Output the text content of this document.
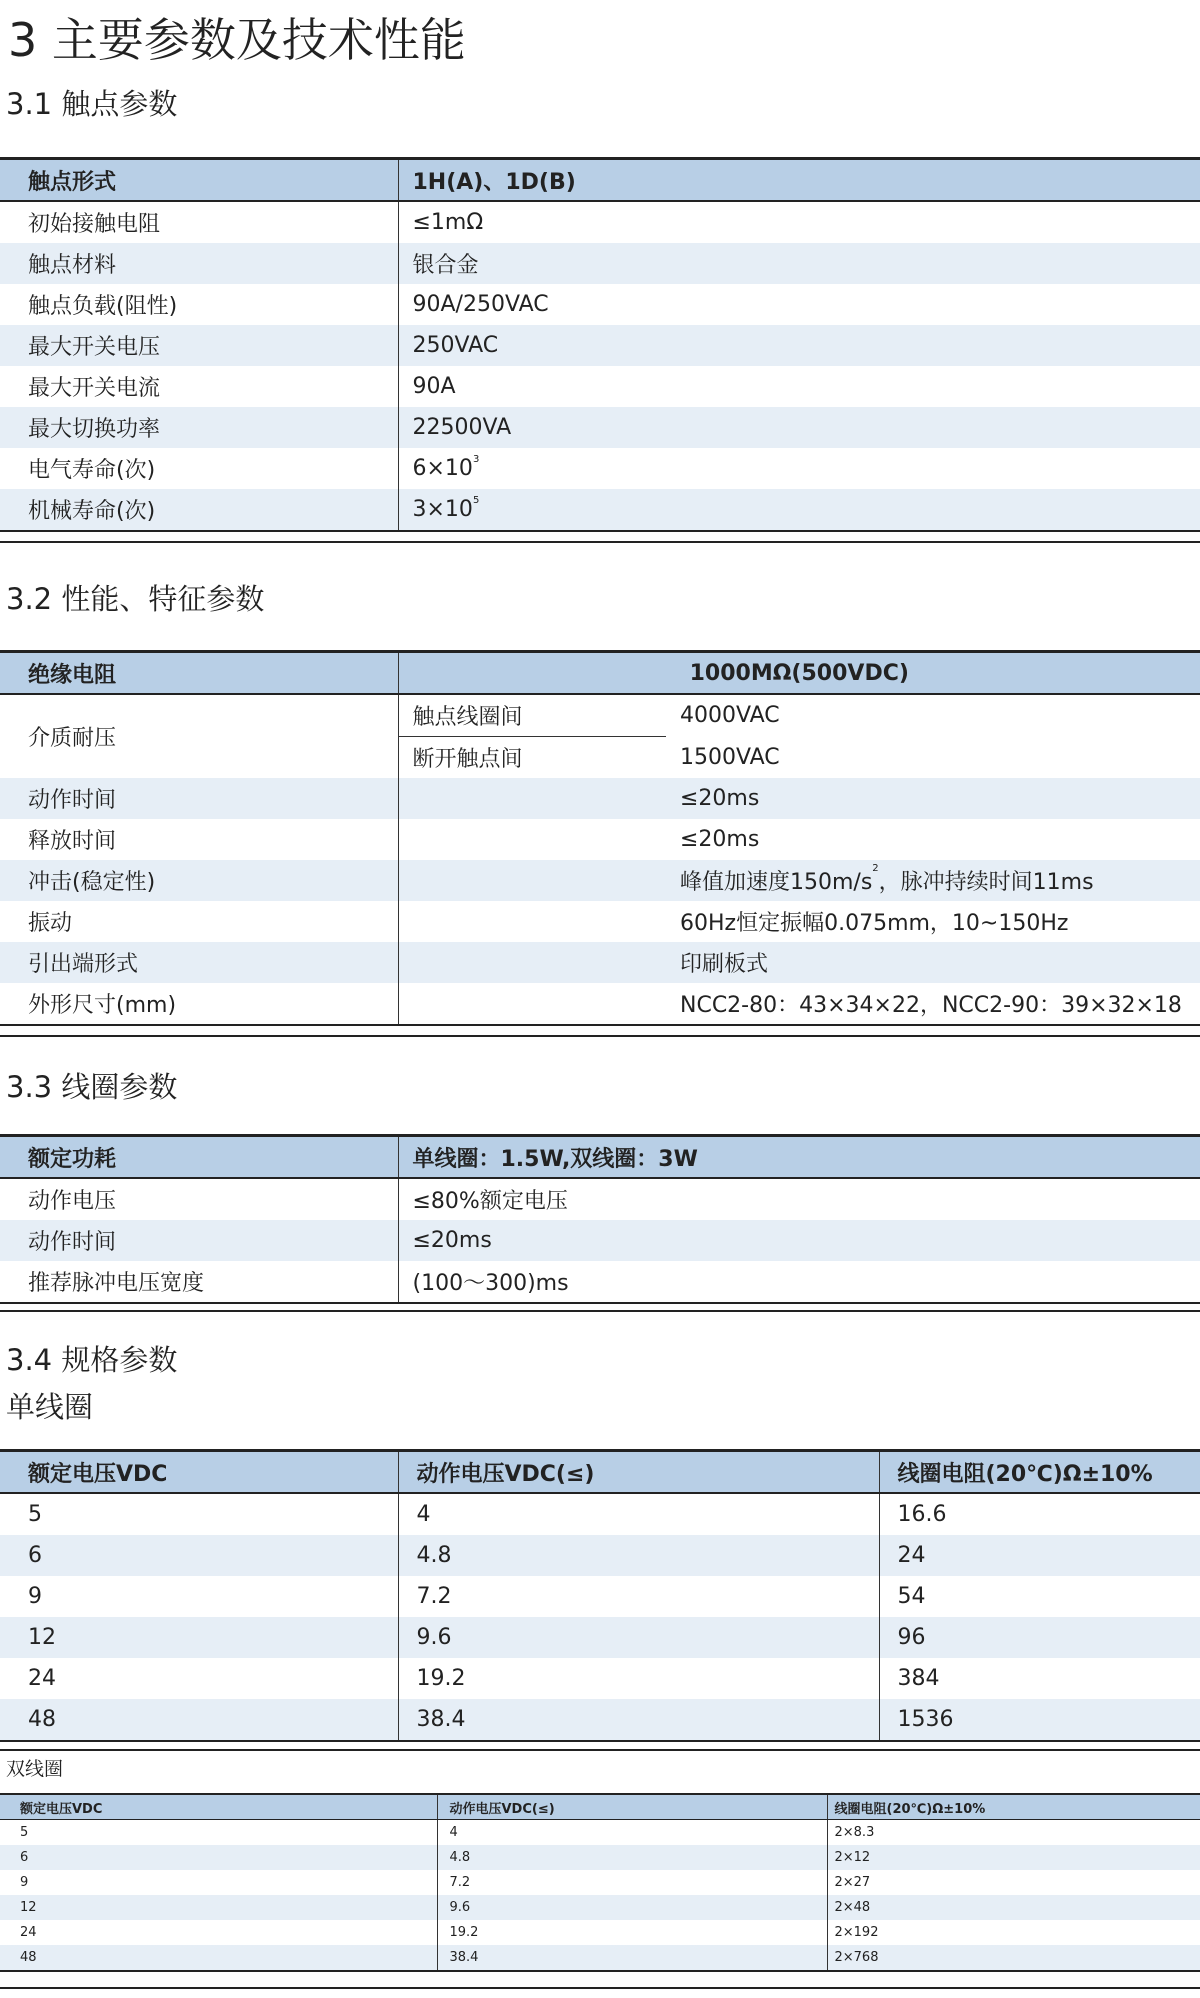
3 主要参数及技术性能
3.1 触点参数
触点形式	1H(A)、1D(B)
初始接触电阻	≤1mΩ
触点材料	银合金
触点负载(阻性)	90A/250VAC
最大开关电压	250VAC
最大开关电流	90A
最大切换功率	22500VA
电气寿命(次)	$6\times 10^3$
机械寿命(次)	$3\times 10^5$
3.2 性能、特征参数
绝缘电阻	1000MΩ(500VDC)	
介质耐压	触点线圈间	4000VAC
	断开触点间	1500VAC
动作时间		≤20ms
释放时间		≤20ms
冲击(稳定性)		峰值加速度$150m/s^2$，脉冲持续时间11ms
振动		60Hz恒定振幅0.075mm，10~150Hz
引出端形式		印刷板式
外形尺寸(mm)		NCC2-80：43×34×22，NCC2-90：39×32×18
3.3 线圈参数
额定功耗	单线圈：1.5W,双线圈：3W
动作电压	≤80%额定电压
动作时间	≤20ms
推荐脉冲电压宽度	(100～300)ms
3.4 规格参数
单线圈
额定电压VDC	动作电压VDC(≤)	线圈电阻(20℃)Ω±10%
5	4	16.6
6	4.8	24
9	7.2	54
12	9.6	96
24	19.2	384
48	38.4	1536
双线圈
额定电压VDC	动作电压VDC(≤)	线圈电阻(20℃)Ω±10%
5	4	2×8.3
6	4.8	2×12
9	7.2	2×27
12	9.6	2×48
24	19.2	2×192
48	38.4	2×768
